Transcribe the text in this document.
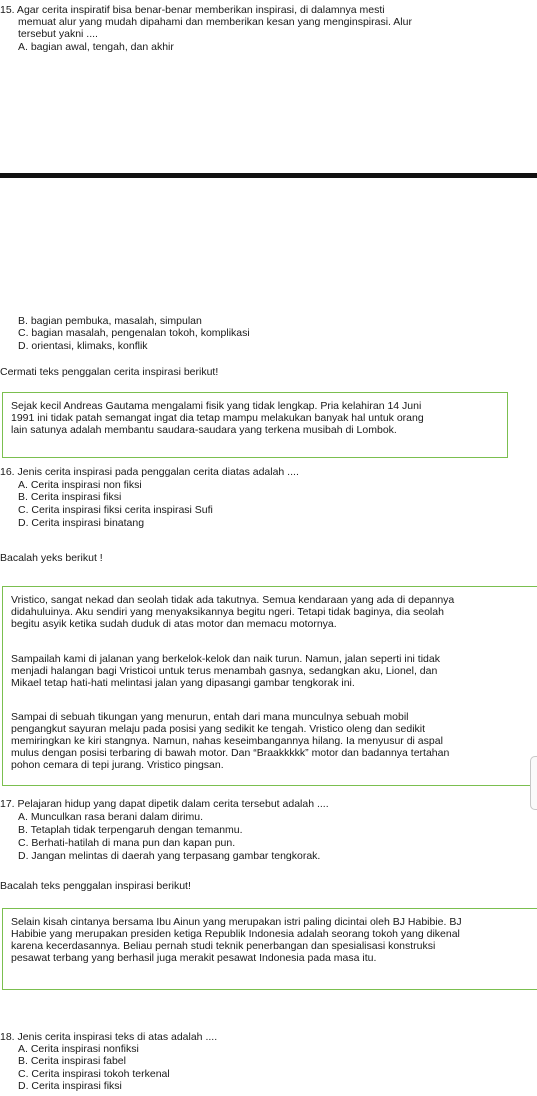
15. Agar cerita inspiratif bisa benar-benar memberikan inspirasi, di dalamnya mesti
memuat alur yang mudah dipahami dan memberikan kesan yang menginspirasi. Alur
tersebut yakni ....
A. bagian awal, tengah, dan akhir
B. bagian pembuka, masalah, simpulan
C. bagian masalah, pengenalan tokoh, komplikasi
D. orientasi, klimaks, konflik
Cermati teks penggalan cerita inspirasi berikut!
Sejak kecil Andreas Gautama mengalami fisik yang tidak lengkap. Pria kelahiran 14 Juni
1991 ini tidak patah semangat ingat dia tetap mampu melakukan banyak hal untuk orang
lain satunya adalah membantu saudara-saudara yang terkena musibah di Lombok.
16. Jenis cerita inspirasi pada penggalan cerita diatas adalah ....
A. Cerita inspirasi non fiksi
B. Cerita inspirasi fiksi
C. Cerita inspirasi fiksi cerita inspirasi Sufi
D. Cerita inspirasi binatang
Bacalah yeks berikut !
Vristico, sangat nekad dan seolah tidak ada takutnya. Semua kendaraan yang ada di depannya
didahuluinya. Aku sendiri yang menyaksikannya begitu ngeri. Tetapi tidak baginya, dia seolah
begitu asyik ketika sudah duduk di atas motor dan memacu motornya.
Sampailah kami di jalanan yang berkelok-kelok dan naik turun. Namun, jalan seperti ini tidak
menjadi halangan bagi Vristicoi untuk terus menambah gasnya, sedangkan aku, Lionel, dan
Mikael tetap hati-hati melintasi jalan yang dipasangi gambar tengkorak ini.
Sampai di sebuah tikungan yang menurun, entah dari mana munculnya sebuah mobil
pengangkut sayuran melaju pada posisi yang sedikit ke tengah. Vristico oleng dan sedikit
memiringkan ke kiri stangnya. Namun, nahas keseimbangannya hilang. Ia menyusur di aspal
mulus dengan posisi terbaring di bawah motor. Dan “Braakkkkk” motor dan badannya tertahan
pohon cemara di tepi jurang. Vristico pingsan.
17. Pelajaran hidup yang dapat dipetik dalam cerita tersebut adalah ....
A. Munculkan rasa berani dalam dirimu.
B. Tetaplah tidak terpengaruh dengan temanmu.
C. Berhati-hatilah di mana pun dan kapan pun.
D. Jangan melintas di daerah yang terpasang gambar tengkorak.
Bacalah teks penggalan inspirasi berikut!
Selain kisah cintanya bersama Ibu Ainun yang merupakan istri paling dicintai oleh BJ Habibie. BJ
Habibie yang merupakan presiden ketiga Republik Indonesia adalah seorang tokoh yang dikenal
karena kecerdasannya. Beliau pernah studi teknik penerbangan dan spesialisasi konstruksi
pesawat terbang yang berhasil juga merakit pesawat Indonesia pada masa itu.
18. Jenis cerita inspirasi teks di atas adalah ....
A. Cerita inspirasi nonfiksi
B. Cerita inspirasi fabel
C. Cerita inspirasi tokoh terkenal
D. Cerita inspirasi fiksi
